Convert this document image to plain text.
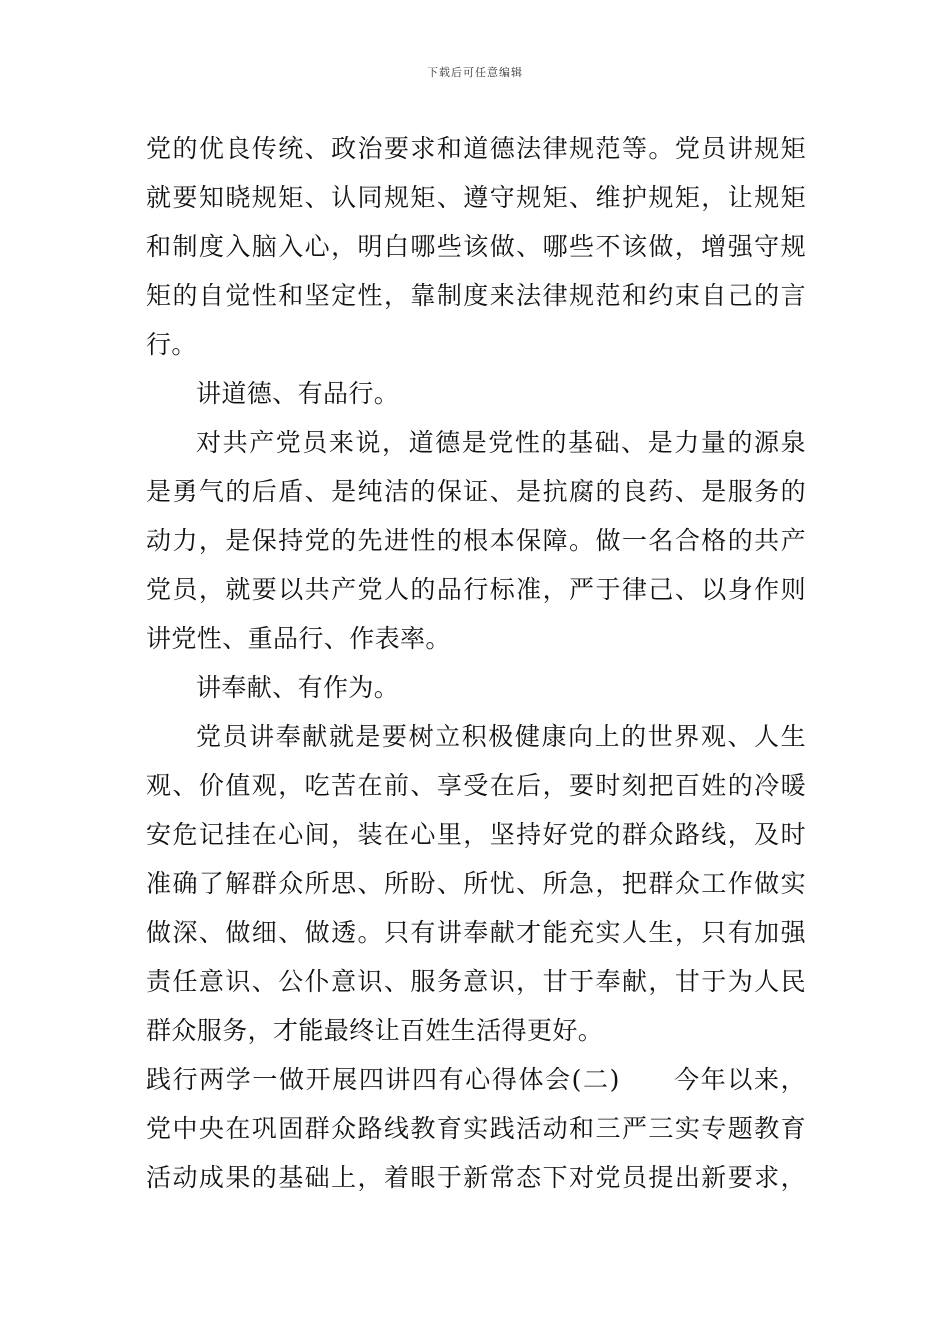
下载后可任意编辑
党的优良传统、政治要求和道德法律规范等。党员讲规矩
就要知晓规矩、认同规矩、遵守规矩、维护规矩，让规矩
和制度入脑入心，明白哪些该做、哪些不该做，增强守规
矩的自觉性和坚定性，靠制度来法律规范和约束自己的言
行。
讲道德、有品行。
对共产党员来说，道德是党性的基础、是力量的源泉
是勇气的后盾、是纯洁的保证、是抗腐的良药、是服务的
动力，是保持党的先进性的根本保障。做一名合格的共产
党员，就要以共产党人的品行标准，严于律己、以身作则
讲党性、重品行、作表率。
讲奉献、有作为。
党员讲奉献就是要树立积极健康向上的世界观、人生
观、价值观，吃苦在前、享受在后，要时刻把百姓的冷暖
安危记挂在心间，装在心里，坚持好党的群众路线，及时
准确了解群众所思、所盼、所忧、所急，把群众工作做实
做深、做细、做透。只有讲奉献才能充实人生，只有加强
责任意识、公仆意识、服务意识，甘于奉献，甘于为人民
群众服务，才能最终让百姓生活得更好。
践行两学一做开展四讲四有心得体会(二)　　今年以来，
党中央在巩固群众路线教育实践活动和三严三实专题教育
活动成果的基础上，着眼于新常态下对党员提出新要求，
